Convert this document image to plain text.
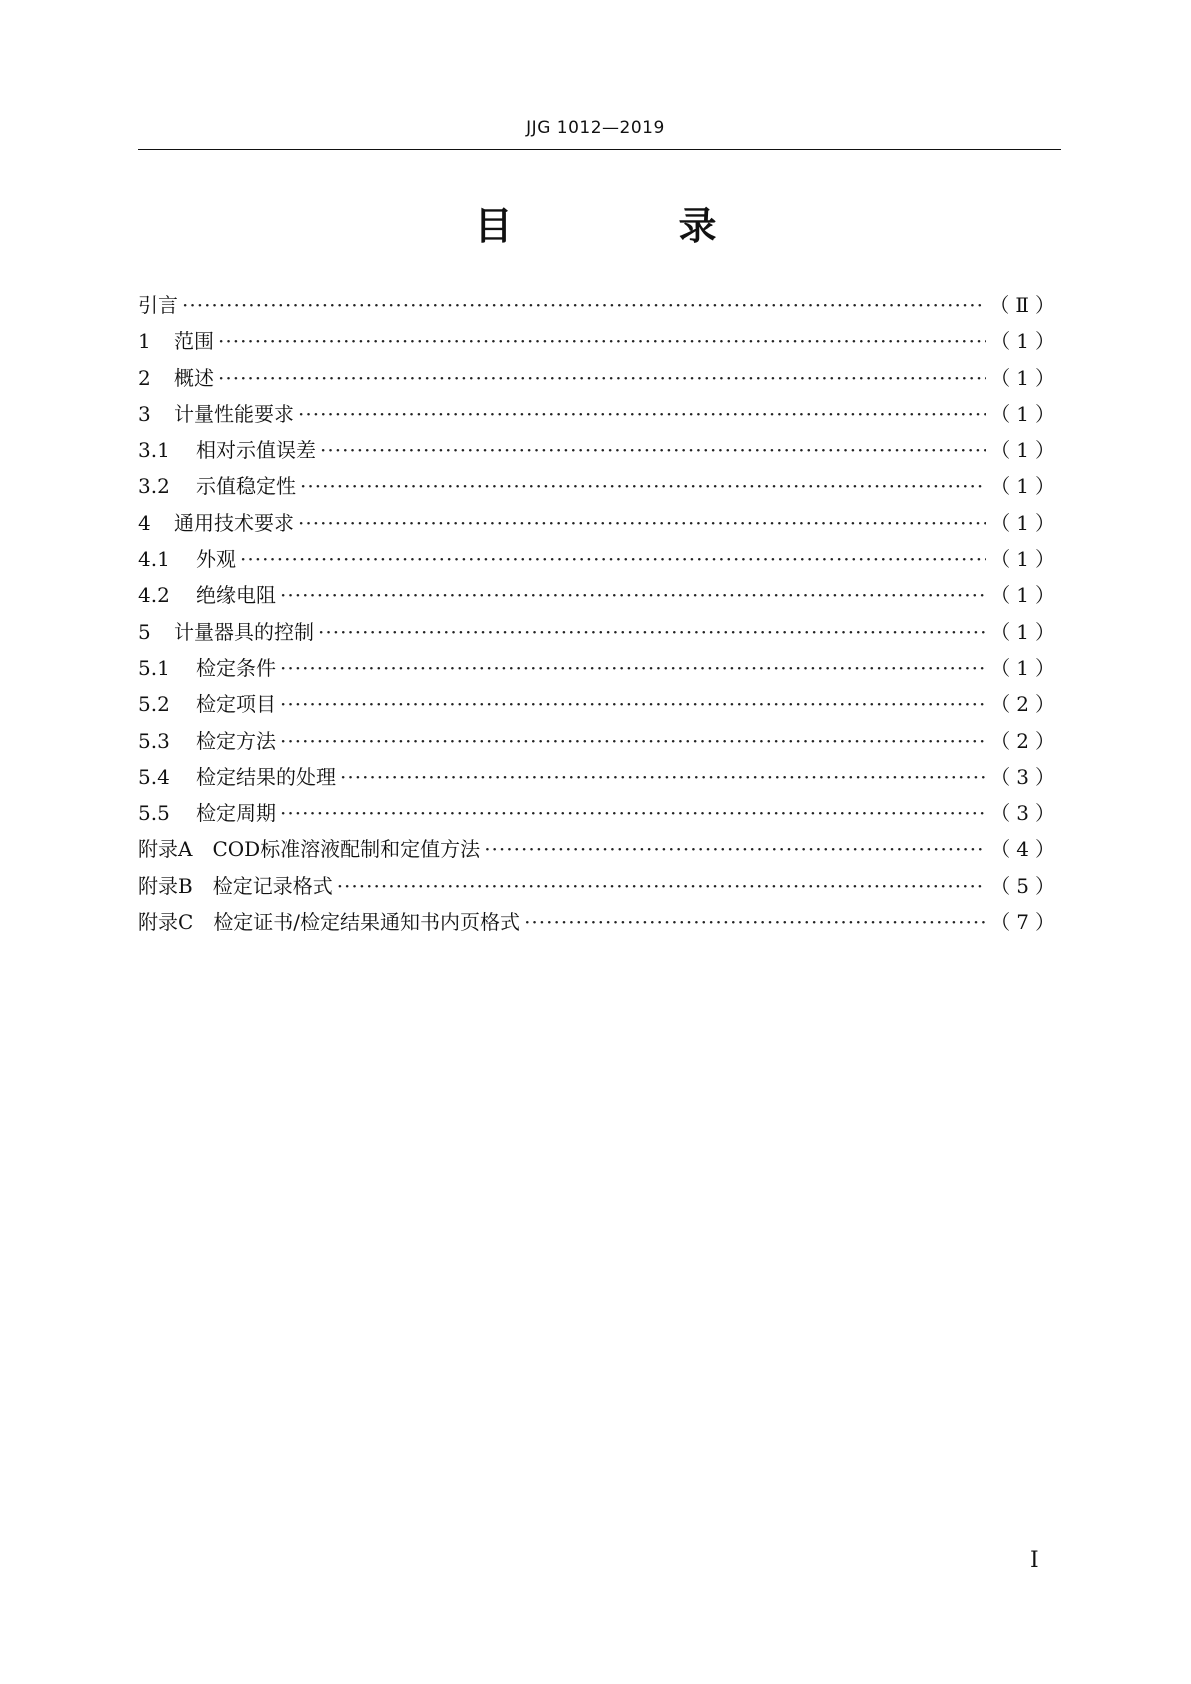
JJG 1012—2019
目　录
引言 ·····	（Ⅱ）
1 范围 ·····	（1）
2 概述 ·····	（1）
3 计量性能要求 ·····	（1）
3.1 相对示值误差 ·····	（1）
3.2 示值稳定性 ·····	（1）
4 通用技术要求 ·····	（1）
4.1 外观 ·····	（1）
4.2 绝缘电阻 ·····	（1）
5 计量器具的控制 ·····	（1）
5.1 检定条件 ·····	（1）
5.2 检定项目 ·····	（2）
5.3 检定方法 ·····	（2）
5.4 检定结果的处理 ·····	（3）
5.5 检定周期 ·····	（3）
附录A COD标准溶液配制和定值方法 ·····	（4）
附录B 检定记录格式 ·····	（5）
附录C 检定证书/检定结果通知书内页格式 ·····	（7）
Ⅰ
